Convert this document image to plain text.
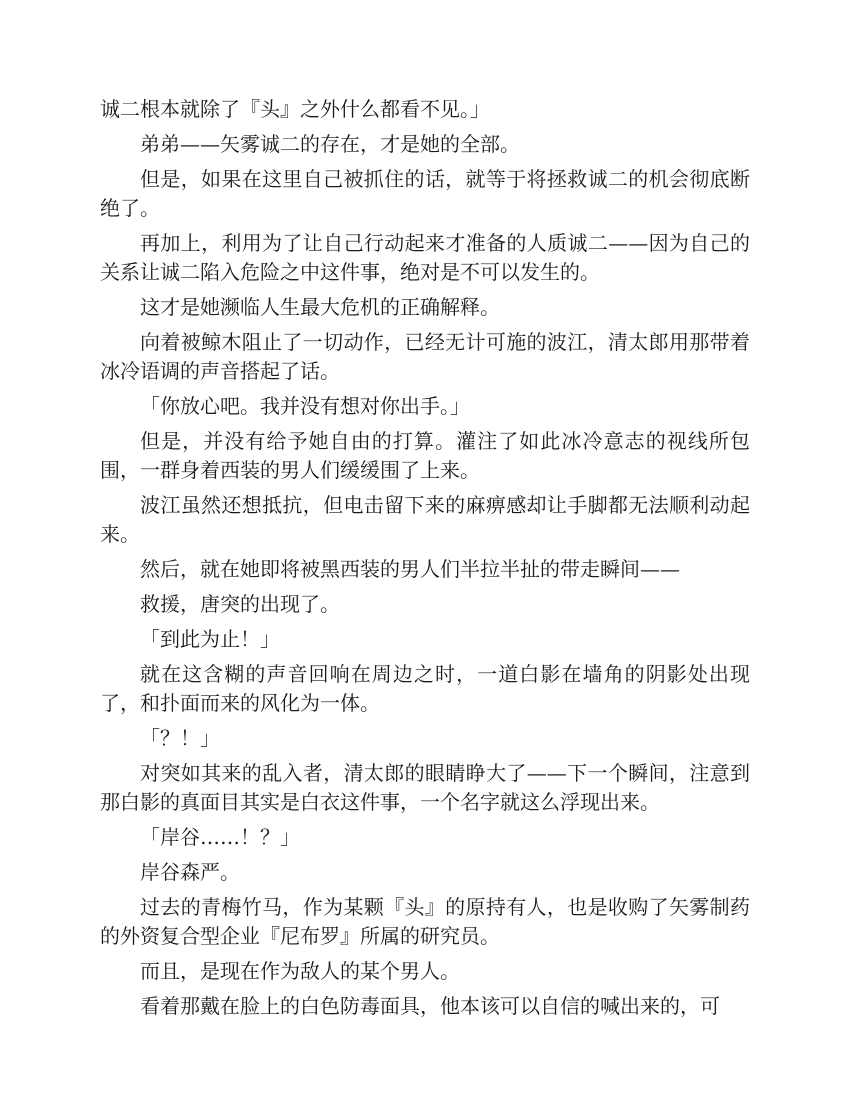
诚二根本就除了『头』之外什么都看不见。」

弟弟——矢雾诚二的存在，才是她的全部。

但是，如果在这里自己被抓住的话，就等于将拯救诚二的机会彻底断绝了。

再加上，利用为了让自己行动起来才准备的人质诚二——因为自己的关系让诚二陷入危险之中这件事，绝对是不可以发生的。

这才是她濒临人生最大危机的正确解释。

向着被鲸木阻止了一切动作，已经无计可施的波江，清太郎用那带着冰冷语调的声音搭起了话。

「你放心吧。我并没有想对你出手。」

但是，并没有给予她自由的打算。灌注了如此冰冷意志的视线所包围，一群身着西装的男人们缓缓围了上来。

波江虽然还想抵抗，但电击留下来的麻痹感却让手脚都无法顺利动起来。

然后，就在她即将被黑西装的男人们半拉半扯的带走瞬间——

救援，唐突的出现了。

「到此为止！」

就在这含糊的声音回响在周边之时，一道白影在墙角的阴影处出现了，和扑面而来的风化为一体。

「？！」

对突如其来的乱入者，清太郎的眼睛睁大了——下一个瞬间，注意到那白影的真面目其实是白衣这件事，一个名字就这么浮现出来。

「岸谷……！？」

岸谷森严。

过去的青梅竹马，作为某颗『头』的原持有人，也是收购了矢雾制药的外资复合型企业『尼布罗』所属的研究员。

而且，是现在作为敌人的某个男人。

看着那戴在脸上的白色防毒面具，他本该可以自信的喊出来的，可
